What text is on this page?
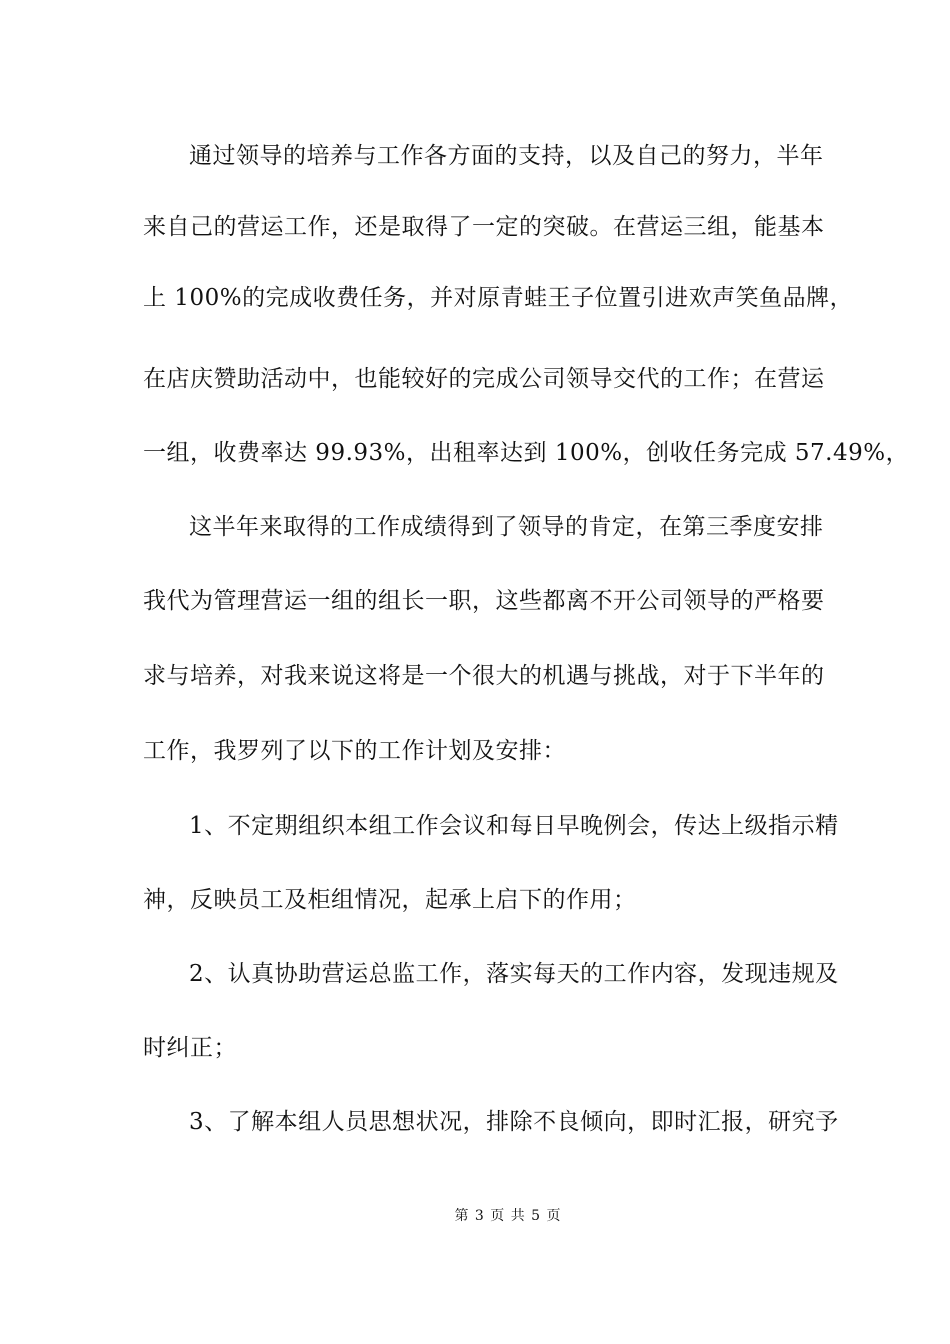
通过领导的培养与工作各方面的支持，以及自己的努力，半年
来自己的营运工作，还是取得了一定的突破。在营运三组，能基本
上 100%的完成收费任务，并对原青蛙王子位置引进欢声笑鱼品牌，
在店庆赞助活动中，也能较好的完成公司领导交代的工作；在营运
一组，收费率达 99.93%，出租率达到 100%，创收任务完成 57.49%，
这半年来取得的工作成绩得到了领导的肯定，在第三季度安排
我代为管理营运一组的组长一职，这些都离不开公司领导的严格要
求与培养，对我来说这将是一个很大的机遇与挑战，对于下半年的
工作，我罗列了以下的工作计划及安排：
1、不定期组织本组工作会议和每日早晚例会，传达上级指示精
神，反映员工及柜组情况，起承上启下的作用；
2、认真协助营运总监工作，落实每天的工作内容，发现违规及
时纠正；
3、了解本组人员思想状况，排除不良倾向，即时汇报，研究予
第 3 页 共 5 页
